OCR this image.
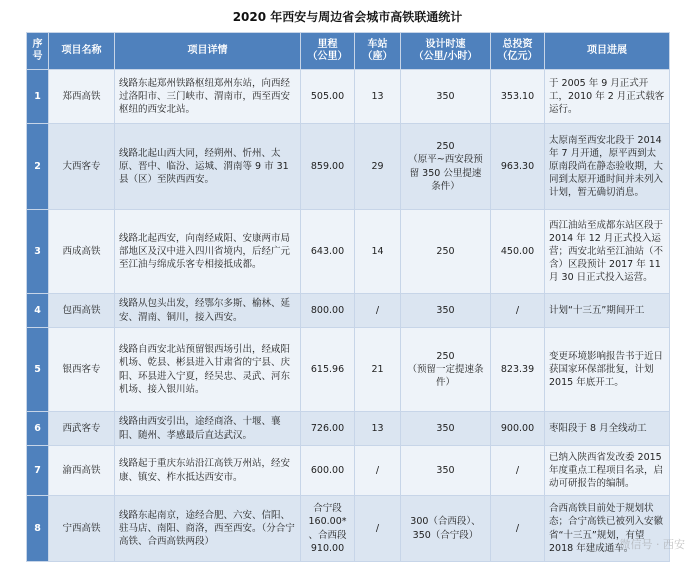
2020 年西安与周边省会城市高铁联通统计
序
号	项目名称	项目详情	里程
（公里）	车站
（座）	设计时速
（公里/小时）	总投资
（亿元）	项目进展
1	郑西高铁	线路东起郑州铁路枢纽郑州东站，向西经过洛阳市、三门峡市、渭南市，西至西安枢纽的西安北站。	505.00	13	350	353.10	于 2005 年 9 月正式开工，2010 年 2 月正式载客运行。
2	大西客专	线路北起山西大同，经朔州、忻州、太原、晋中、临汾、运城、渭南等 9 市 31 县（区）至陕西西安。	859.00	29	250
（原平~西安段预留 350 公里提速条件）	963.30	太原南至西安北段于 2014 年 7 月开通，原平西到太原南段尚在静态验收期，大同到太原开通时间并未列入计划，暂无确切消息。
3	西成高铁	线路北起西安，向南经咸阳、安康两市局部地区及汉中进入四川省境内，后经广元至江油与绵成乐客专相接抵成都。	643.00	14	250	450.00	西江油站至成都东站区段于 2014 年 12 月正式投入运营；西安北站至江油站（不含）区段预计 2017 年 11 月 30 日正式投入运营。
4	包西高铁	线路从包头出发，经鄂尔多斯、榆林、延安、渭南、铜川，接入西安。	800.00	/	350	/	计划“十三五”期间开工
5	银西客专	线路自西安北站预留银西场引出，经咸阳机场、乾县、彬县进入甘肃省的宁县、庆阳、环县进入宁夏，经吴忠、灵武、河东机场、接入银川站。	615.96	21	250
（预留一定提速条件）	823.39	变更环境影响报告书于近日获国家环保部批复，计划 2015 年底开工。
6	西武客专	线路由西安引出，途经商洛、十堰、襄阳、随州、孝感最后直达武汉。	726.00	13	350	900.00	枣阳段于 8 月全线动工
7	渝西高铁	线路起于重庆东站沿江高铁万州站，经安康、镇安、柞水抵达西安市。	600.00	/	350	/	已纳入陕西省发改委 2015 年度重点工程项目名录，启动可研报告的编制。
8	宁西高铁	线路东起南京，途经合肥、六安、信阳、驻马店、南阳、商洛，西至西安。（分合宁高铁、合西高铁两段）	合宁段
160.00*
、合西段
910.00	/	300（合西段）、350（合宁段）	/	合西高铁目前处于规划状态；合宁高铁已被列入安徽省“十三五”规划，有望 2018 年建成通车。
微信号 · 西安
